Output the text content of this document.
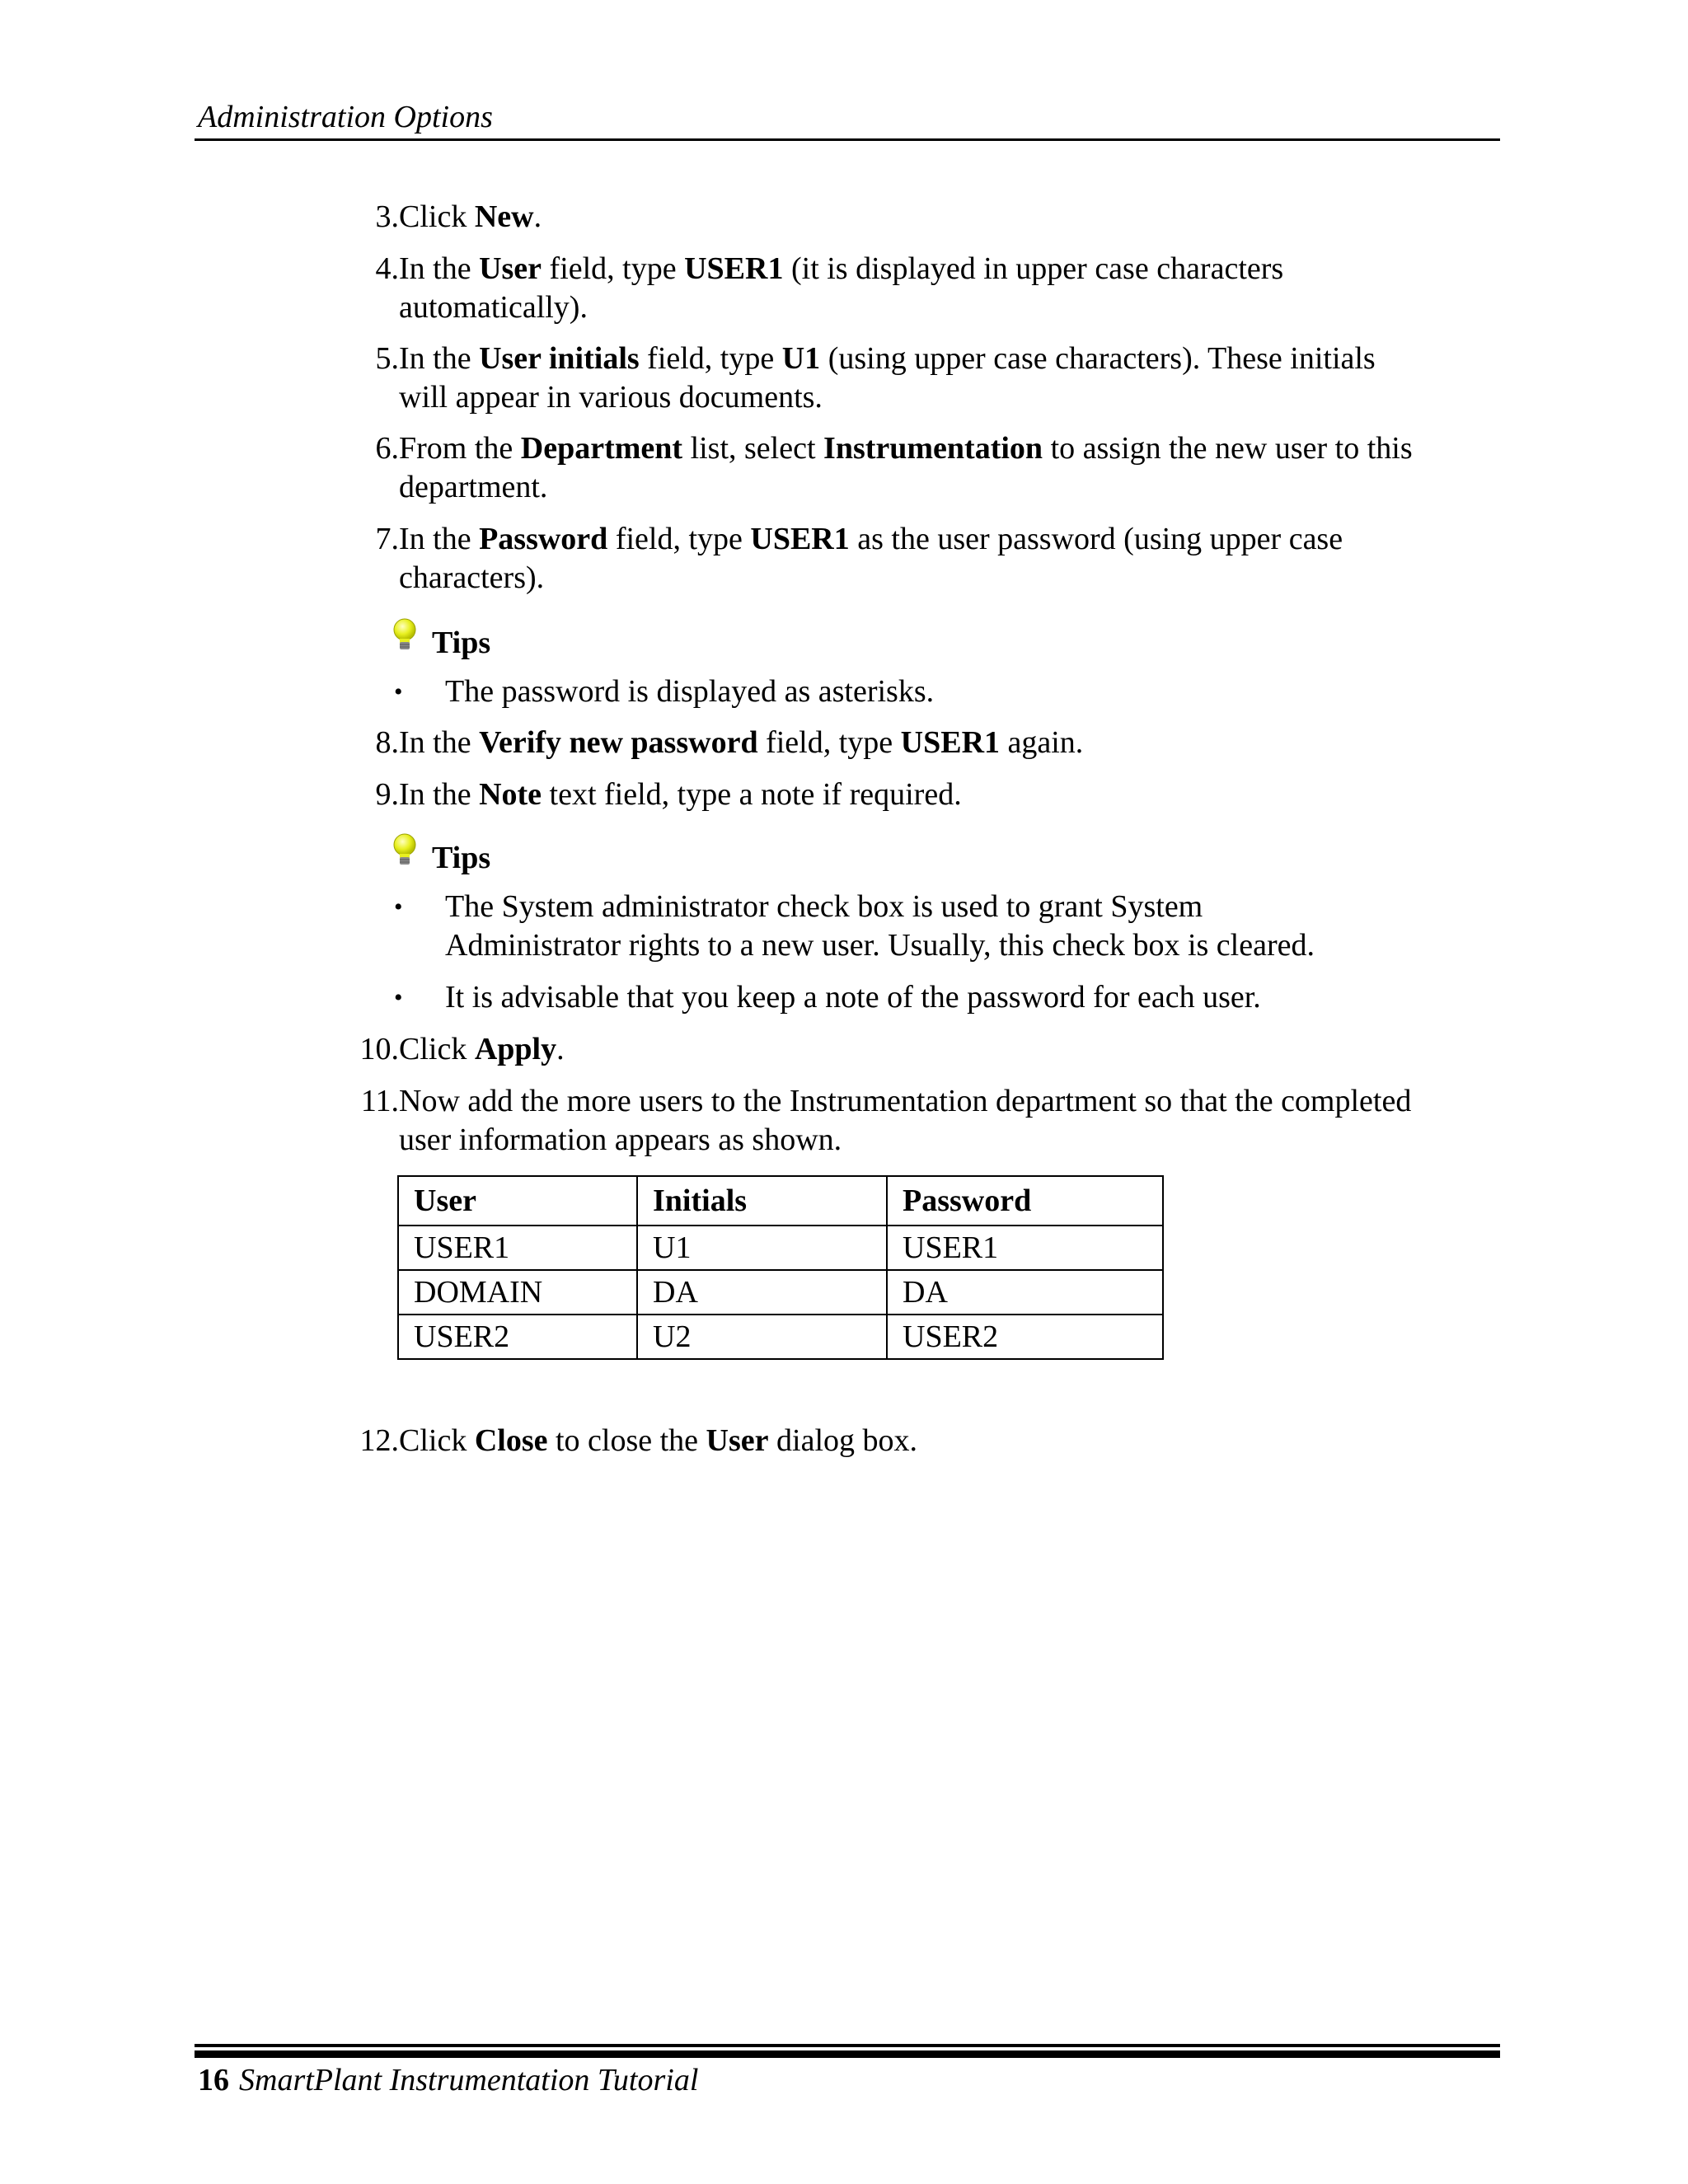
Administration Options
3. Click New.
4. In the User field, type USER1 (it is displayed in upper case characters
automatically).
5. In the User initials field, type U1 (using upper case characters). These initials
will appear in various documents.
6. From the Department list, select Instrumentation to assign the new user to this
department.
7. In the Password field, type USER1 as the user password (using upper case
characters).
Tips
• The password is displayed as asterisks.
8. In the Verify new password field, type USER1 again.
9. In the Note text field, type a note if required.
Tips
• The System administrator check box is used to grant System
Administrator rights to a new user. Usually, this check box is cleared.
• It is advisable that you keep a note of the password for each user.
10. Click Apply.
11. Now add the more users to the Instrumentation department so that the completed
user information appears as shown.
User	Initials	Password
USER1	U1	USER1
DOMAIN	DA	DA
USER2	U2	USER2
12. Click Close to close the User dialog box.
16 SmartPlant Instrumentation Tutorial
